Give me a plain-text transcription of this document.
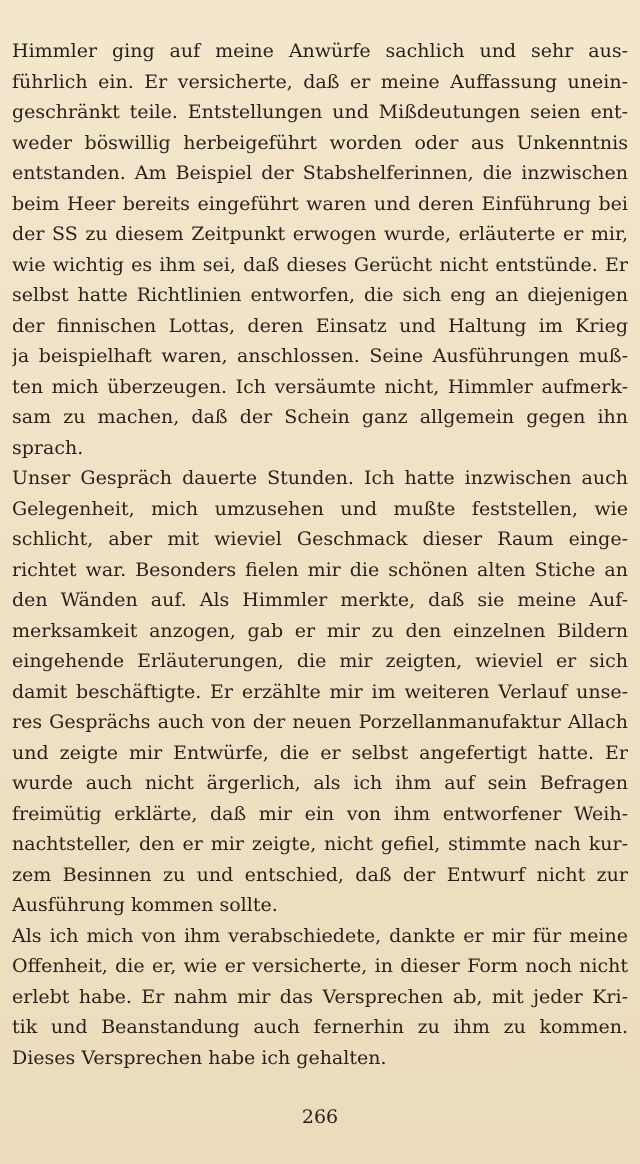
Himmler ging auf meine Anwürfe sachlich und sehr aus-
führlich ein. Er versicherte, daß er meine Auffassung unein-
geschränkt teile. Entstellungen und Mißdeutungen seien ent-
weder böswillig herbeigeführt worden oder aus Unkenntnis
entstanden. Am Beispiel der Stabshelferinnen, die inzwischen
beim Heer bereits eingeführt waren und deren Einführung bei
der SS zu diesem Zeitpunkt erwogen wurde, erläuterte er mir,
wie wichtig es ihm sei, daß dieses Gerücht nicht entstünde. Er
selbst hatte Richtlinien entworfen, die sich eng an diejenigen
der finnischen Lottas, deren Einsatz und Haltung im Krieg
ja beispielhaft waren, anschlossen. Seine Ausführungen muß-
ten mich überzeugen. Ich versäumte nicht, Himmler aufmerk-
sam zu machen, daß der Schein ganz allgemein gegen ihn
sprach.
Unser Gespräch dauerte Stunden. Ich hatte inzwischen auch
Gelegenheit, mich umzusehen und mußte feststellen, wie
schlicht, aber mit wieviel Geschmack dieser Raum einge-
richtet war. Besonders fielen mir die schönen alten Stiche an
den Wänden auf. Als Himmler merkte, daß sie meine Auf-
merksamkeit anzogen, gab er mir zu den einzelnen Bildern
eingehende Erläuterungen, die mir zeigten, wieviel er sich
damit beschäftigte. Er erzählte mir im weiteren Verlauf unse-
res Gesprächs auch von der neuen Porzellanmanufaktur Allach
und zeigte mir Entwürfe, die er selbst angefertigt hatte. Er
wurde auch nicht ärgerlich, als ich ihm auf sein Befragen
freimütig erklärte, daß mir ein von ihm entworfener Weih-
nachtsteller, den er mir zeigte, nicht gefiel, stimmte nach kur-
zem Besinnen zu und entschied, daß der Entwurf nicht zur
Ausführung kommen sollte.
Als ich mich von ihm verabschiedete, dankte er mir für meine
Offenheit, die er, wie er versicherte, in dieser Form noch nicht
erlebt habe. Er nahm mir das Versprechen ab, mit jeder Kri-
tik und Beanstandung auch fernerhin zu ihm zu kommen.
Dieses Versprechen habe ich gehalten.
266
